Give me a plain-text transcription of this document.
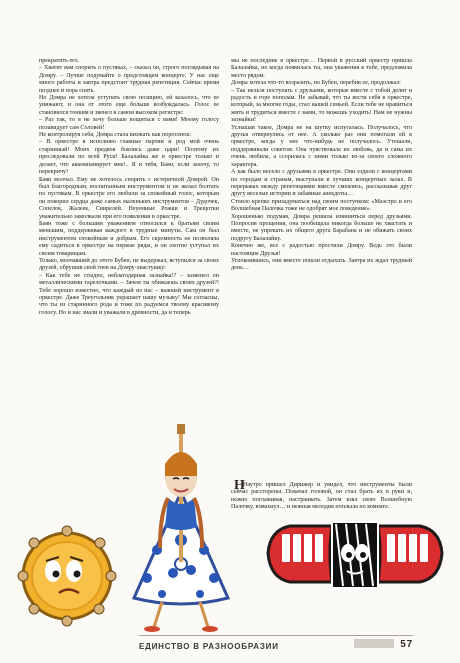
прекратить его.

– Хватит вам спорить о пустяках, – сказал он, строго поглядывая на Домру. – Лучше подумайте о предстоящем концерте. У нас еще много работы и завтра предстоит трудная репетиция. Сейчас время позднее и пора спать.

Но Домра не хотела уступать свою позицию, ей казалось, что ее унижают, и она от этого еще больше возбуждалась. Голос ее становился тонким и звенел в самом высоком регистре:

– Раз так, то я не хочу больше вощиться с вами! Моему голосу позавидует сам Соловей!

Не контролируя себя, Домра стала визжать как поросенок:

– В оркестре я исполняю главные партии и род мой очень старинный! Моих предков боялись даже цари! Поэтому их преследовали по всей Руси! Балалайка же в оркестре только и делает, что аккомпанирует мне!.. Я и тебя, Баян, если захочу, то перекричу!

Баян молчал. Ему не хотелось спорить с истеричной Домрой. Он был благородным, воспитанным инструментом и не желал болтать по пустякам. В оркестре его любили за спокойный голос, которым он покорил сердца даже самых маленьких инструментов – Дудочек, Сопелок, Жалеек, Свирелей. Неуемные Рожки и Трещотки уважительно замолкали при его появлении в оркестре.

Баян тоже с большим уважением относился к братьям своим меньшим, поддерживая каждого в трудные минуты. Сам он был инструментом спокойным и добрым. Его скромность не позволяла ему садиться в оркестре на первые ряды, и он охотно уступал их своим товарищам.

Только, молчавший до этого Бубен, не выдержал, вступился за своих друзей, обрушив свой гнев на Домру-хвастушку:

– Как тебе не стыдно, неблагодарная зазнайка!? – зазвенел он металлическими тарелочками. – Зачем ты обижаешь своих друзей?! Тебе хорошо известно, что каждый из нас – важный инструмент в оркестре. Даже Треугольник украшает нашу музыку! Мы согласны, что ты из старинного рода и тоже по радуемся твоему красивому голосу. Но и нас знали и уважали в древности, да и теперь

мы не последние в оркестре… Первой в русский оркестр пришла Балалайка, но когда появилась ты, она уважения к тебе, предложила место рядом.

Домра хотела что-то возразить, но Бубен, перебив ее, продолжал:

– Так нельзя поступать с друзьями, которые вместе с тобой делят и радость и горе пополам. Не забывай, что ты вести себя в оркестре, который, за многие годы, стал нашей семьей. Если тебе не нравиться жить и трудиться вместе с нами, то можешь уходить! Нам не нужны зазнайки!

Услышав такое, Домра не на шутку испугалась. Получалось, что друзья отвернулись от нее. А сколько раз они помогали ей в оркестре, когда у нее что-нибудь не получалось. Утешали, поддерживали советом. Она чувствовала их любовь, да и сама их очень любила, а ссорилась с ними только из-за своего сложного характера.

А как было весело с друзьями в оркестре. Они ездили с концертами по городам и странам, выступали в лучших концертных залах. В перерывах между репетициями вместе смеялись, рассказывая друг другу веселые истории и забавные анекдоты…

Стоило крепко призадуматься над своим поступком: «Маэстро и его Волшебная Палочка тоже не одобрят мое поведение».

Хорошенько подумав, Домра решила извиниться перед друзьями. Попросив прощения, она пообещала никогда больше не хвастать и вместе, не упрекать их общего друга Барабана и не обижать своих подругу Балалайку.

Конечно же, все с радостью простили Домру. Ведь это были настоящие Друзья!

Успокоившись, они вместе пошли отдыхать. Завтра их ждал трудный день…

Н

Наутро пришел Дирижер и увидел, что инструменты были сейчас рассторены. Покачал головой, он стал брать их в руки и, нежно поглаживая, настраивать. Затем взял свою Волшебную Палочку, взмахнул… и нежная мелодия поплыла по комнате.

ЕДИНСТВО В РАЗНООБРАЗИИ	57
